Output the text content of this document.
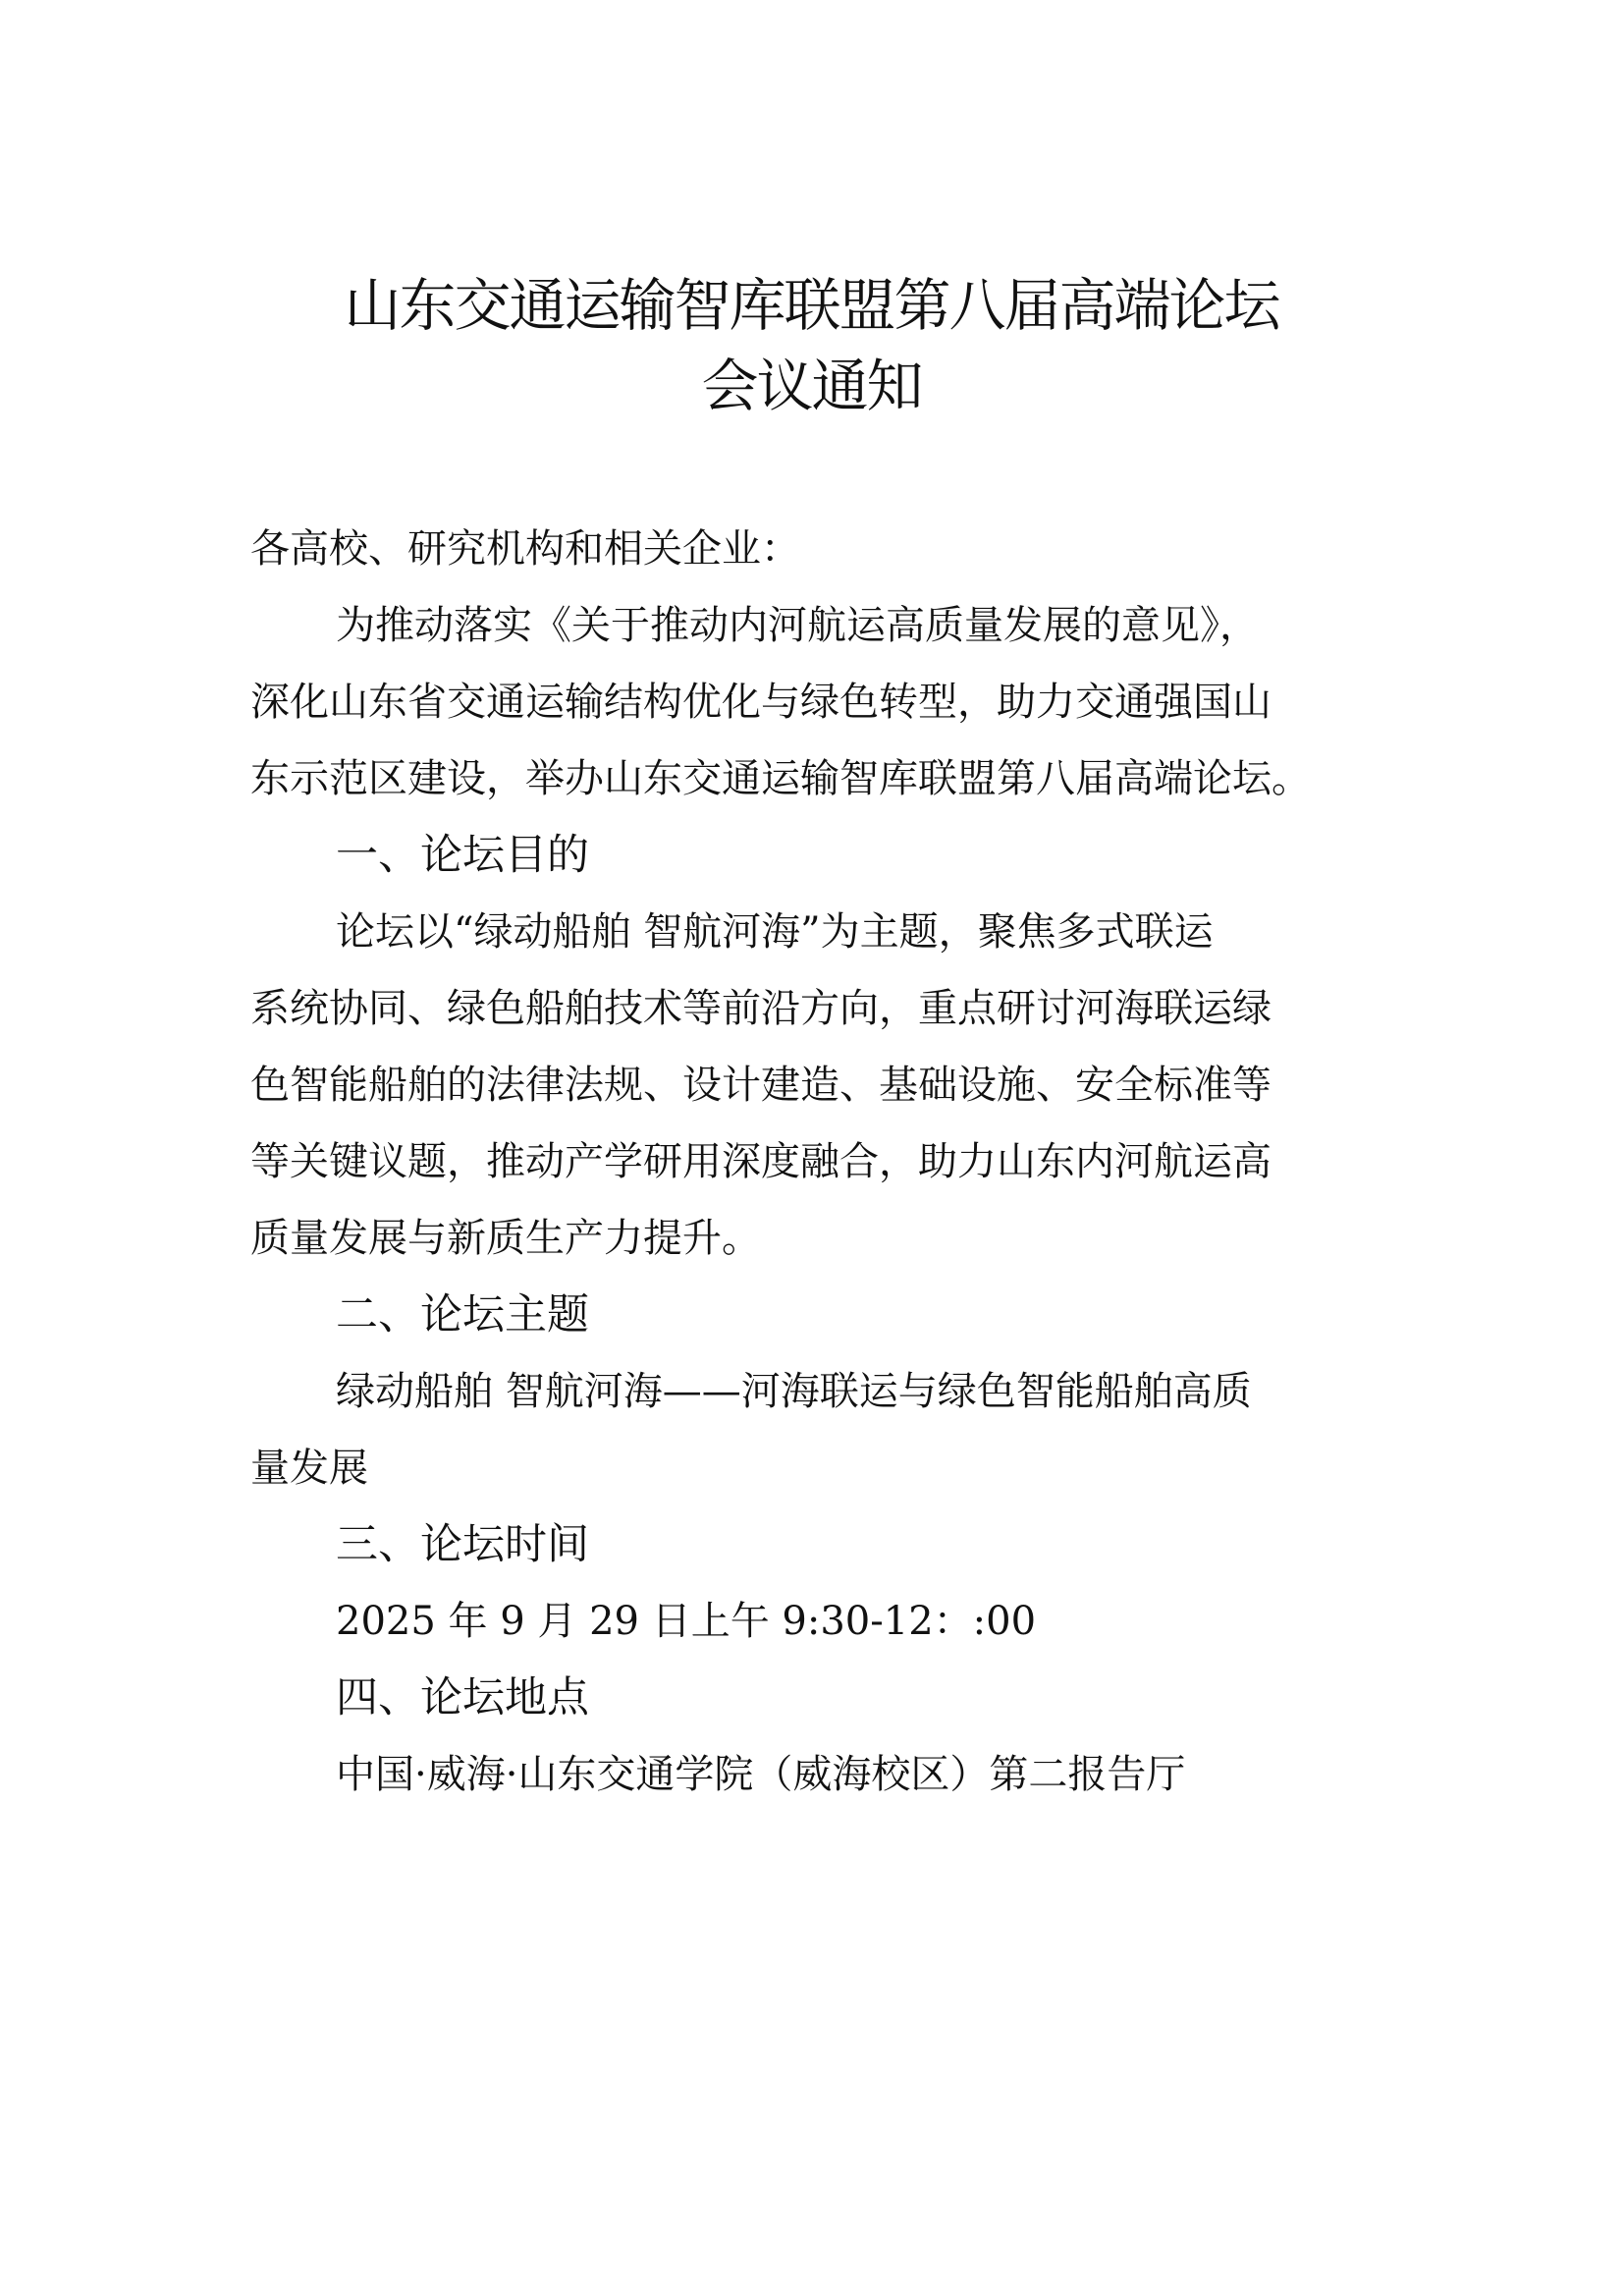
山东交通运输智库联盟第八届高端论坛
会议通知
各高校、研究机构和相关企业：
为推动落实《关于推动内河航运高质量发展的意见》，
深化山东省交通运输结构优化与绿色转型，助力交通强国山
东示范区建设，举办山东交通运输智库联盟第八届高端论坛。
一、论坛目的
论坛以“绿动船舶 智航河海”为主题，聚焦多式联运
系统协同、绿色船舶技术等前沿方向，重点研讨河海联运绿
色智能船舶的法律法规、设计建造、基础设施、安全标准等
等关键议题，推动产学研用深度融合，助力山东内河航运高
质量发展与新质生产力提升。
二、论坛主题
绿动船舶 智航河海——河海联运与绿色智能船舶高质
量发展
三、论坛时间
2025 年 9 月 29 日上午 9:30-12：:00
四、论坛地点
中国·威海·山东交通学院（威海校区）第二报告厅
